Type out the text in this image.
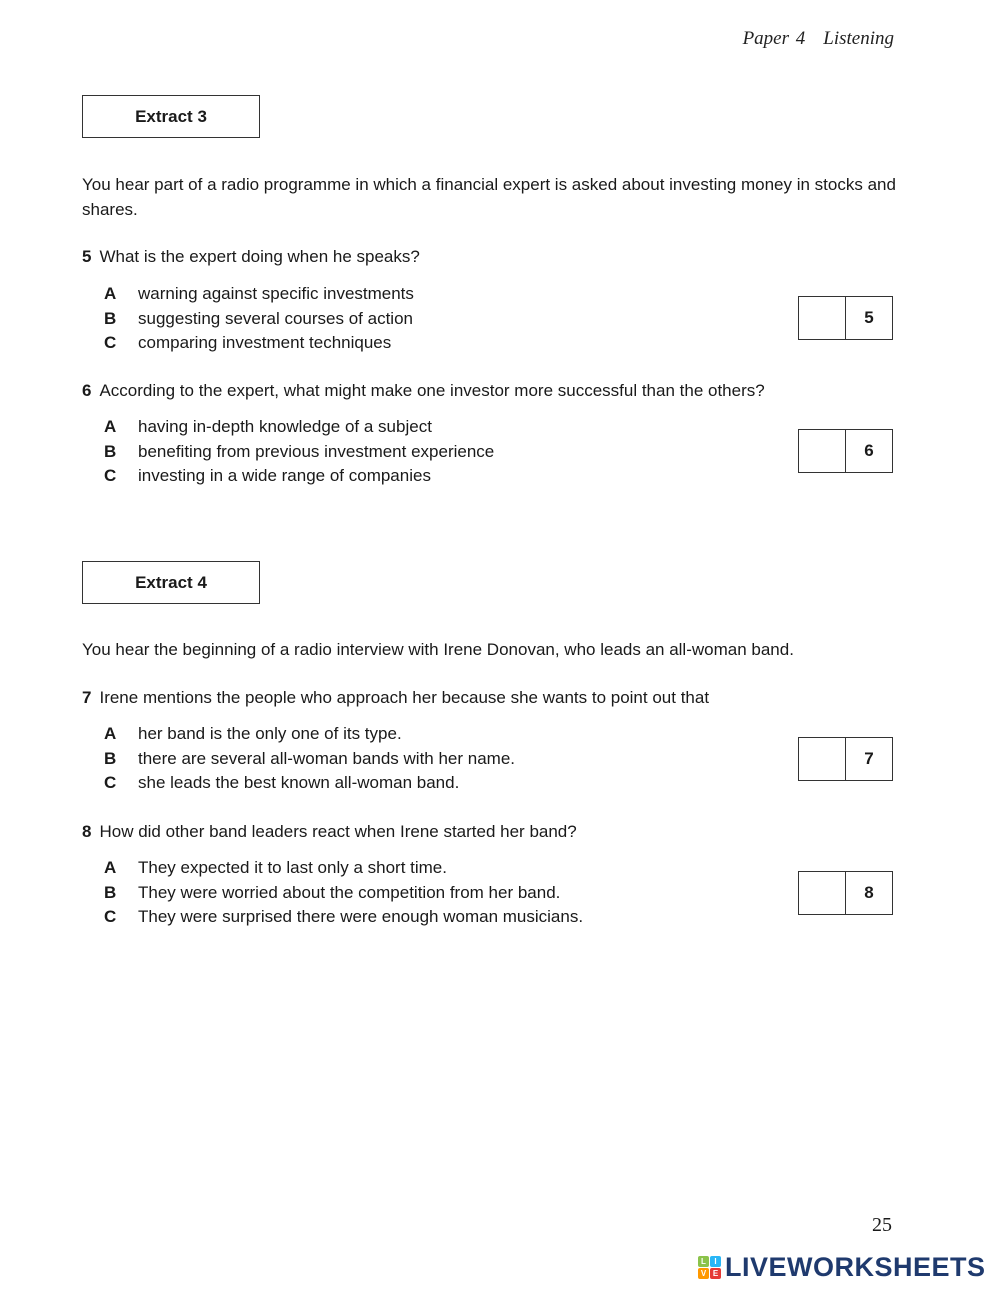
Paper 4 Listening
Extract 3
You hear part of a radio programme in which a financial expert is asked about investing money in stocks and shares.
5 What is the expert doing when he speaks?
A	warning against specific investments
B	suggesting several courses of action
C	comparing investment techniques
5
6 According to the expert, what might make one investor more successful than the others?
A	having in-depth knowledge of a subject
B	benefiting from previous investment experience
C	investing in a wide range of companies
6
Extract 4
You hear the beginning of a radio interview with Irene Donovan, who leads an all-woman band.
7 Irene mentions the people who approach her because she wants to point out that
A	her band is the only one of its type.
B	there are several all-woman bands with her name.
C	she leads the best known all-woman band.
7
8 How did other band leaders react when Irene started her band?
A	They expected it to last only a short time.
B	They were worried about the competition from her band.
C	They were surprised there were enough woman musicians.
8
25
L	I
V E LIVEWORKSHEETS
